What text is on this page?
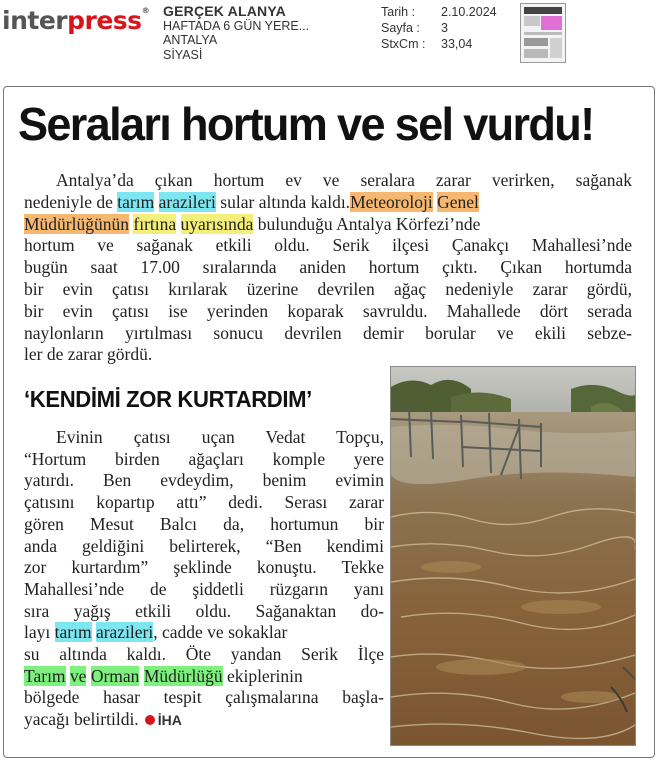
interpress® GERÇEK ALANYA
HAFTADA 6 GÜN YERE...
ANTALYA
SİYASİ
Tarih : 2.10.2024
Sayfa : 3
StxCm : 33,04
Seraları hortum ve sel vurdu!
Antalya’da çıkan hortum ev ve seralara zarar verirken, sağanak
nedeniyle de tarım arazileri sular altında kaldı.Meteoroloji Genel
Müdürlüğünün fırtına uyarısında bulunduğu Antalya Körfezi’nde
hortum ve sağanak etkili oldu. Serik ilçesi Çanakçı Mahallesi’nde
bugün saat 17.00 sıralarında aniden hortum çıktı. Çıkan hortumda
bir evin çatısı kırılarak üzerine devrilen ağaç nedeniyle zarar gördü,
bir evin çatısı ise yerinden koparak savruldu. Mahallede dört serada
naylonların yırtılması sonucu devrilen demir borular ve ekili sebze-
ler de zarar gördü.
‘KENDİMİ ZOR KURTARDIM’
Evinin çatısı uçan Vedat Topçu,
“Hortum birden ağaçları komple yere
yatırdı. Ben evdeydim, benim evimin
çatısını kopartıp attı” dedi. Serası zarar
gören Mesut Balcı da, hortumun bir
anda geldiğini belirterek, “Ben kendimi
zor kurtardım” şeklinde konuştu. Tekke
Mahallesi’nde de şiddetli rüzgarın yanı
sıra yağış etkili oldu. Sağanaktan do-
layı tarım arazileri, cadde ve sokaklar
su altında kaldı. Öte yandan Serik İlçe
Tarım ve Orman Müdürlüğü ekiplerinin
bölgede hasar tespit çalışmalarına başla-
yacağı belirtildi. İHA
